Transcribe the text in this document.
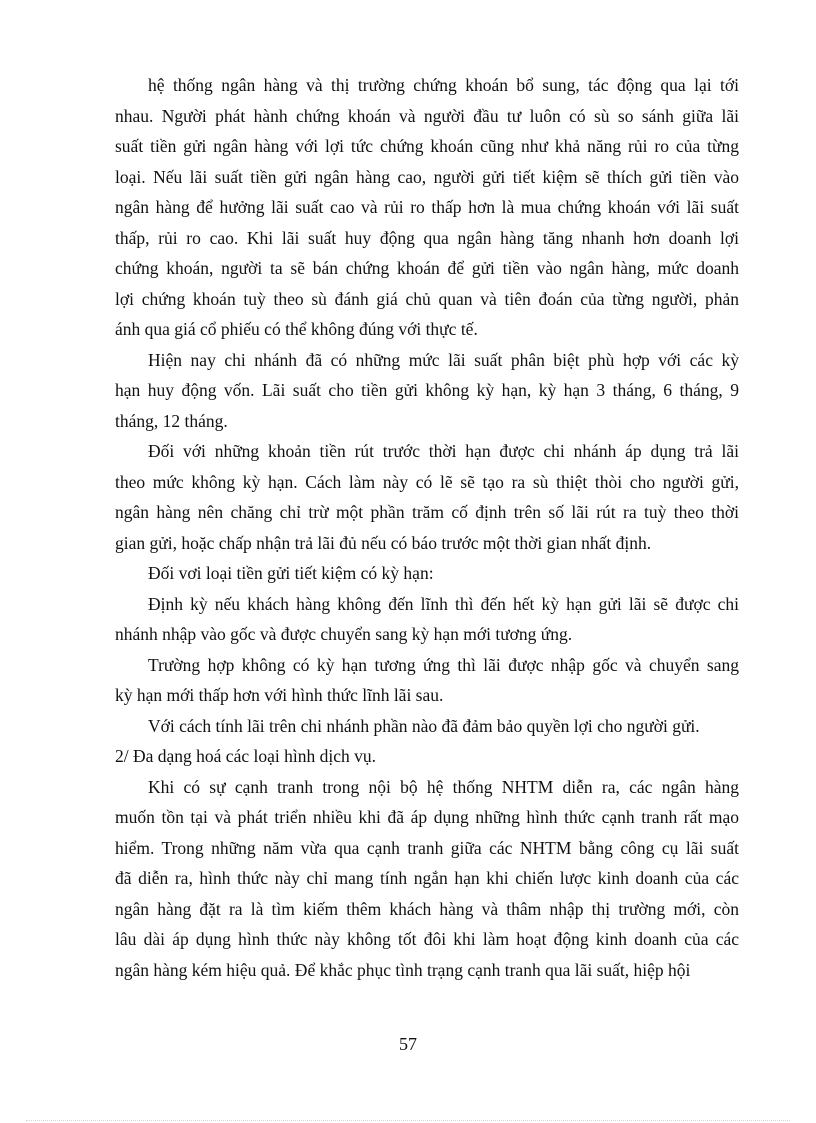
hệ thống ngân hàng và thị trường chứng khoán bổ sung, tác động qua lại tới
nhau. Người phát hành chứng khoán và người đầu tư luôn có sù so sánh giữa lãi
suất tiền gửi ngân hàng với lợi tức chứng khoán cũng như khả năng rủi ro của từng
loại. Nếu lãi suất tiền gửi ngân hàng cao, người gửi tiết kiệm sẽ thích gửi tiền vào
ngân hàng để hưởng lãi suất cao và rủi ro thấp hơn là mua chứng khoán với lãi suất
thấp, rủi ro cao. Khi lãi suất huy động qua ngân hàng tăng nhanh hơn doanh lợi
chứng khoán, người ta sẽ bán chứng khoán để gửi tiền vào ngân hàng, mức doanh
lợi chứng khoán tuỳ theo sù đánh giá chủ quan và tiên đoán của từng người, phản
ánh qua giá cổ phiếu có thể không đúng với thực tế.
Hiện nay chi nhánh đã có những mức lãi suất phân biệt phù hợp với các kỳ
hạn huy động vốn. Lãi suất cho tiền gửi không kỳ hạn, kỳ hạn 3 tháng, 6 tháng, 9
tháng, 12 tháng.
Đối với những khoản tiền rút trước thời hạn được chi nhánh áp dụng trả lãi
theo mức không kỳ hạn. Cách làm này có lẽ sẽ tạo ra sù thiệt thòi cho người gửi,
ngân hàng nên chăng chỉ trừ một phần trăm cố định trên số lãi rút ra tuỳ theo thời
gian gửi, hoặc chấp nhận trả lãi đủ nếu có báo trước một thời gian nhất định.
Đối vơi loại tiền gửi tiết kiệm có kỳ hạn:
Định kỳ nếu khách hàng không đến lĩnh thì đến hết kỳ hạn gửi lãi sẽ được chi
nhánh nhập vào gốc và được chuyển sang kỳ hạn mới tương ứng.
Trường hợp không có kỳ hạn tương ứng thì lãi được nhập gốc và chuyển sang
kỳ hạn mới thấp hơn với hình thức lĩnh lãi sau.
Với cách tính lãi trên chi nhánh phần nào đã đảm bảo quyền lợi cho người gửi.
2/ Đa dạng hoá các loại hình dịch vụ.
Khi có sự cạnh tranh trong nội bộ hệ thống NHTM diễn ra, các ngân hàng
muốn tồn tại và phát triển nhiều khi đã áp dụng những hình thức cạnh tranh rất mạo
hiểm. Trong những năm vừa qua cạnh tranh giữa các NHTM bằng công cụ lãi suất
đã diễn ra, hình thức này chỉ mang tính ngắn hạn khi chiến lược kinh doanh của các
ngân hàng đặt ra là tìm kiếm thêm khách hàng và thâm nhập thị trường mới, còn
lâu dài áp dụng hình thức này không tốt đôi khi làm hoạt động kinh doanh của các
ngân hàng kém hiệu quả. Để khắc phục tình trạng cạnh tranh qua lãi suất, hiệp hội
57
